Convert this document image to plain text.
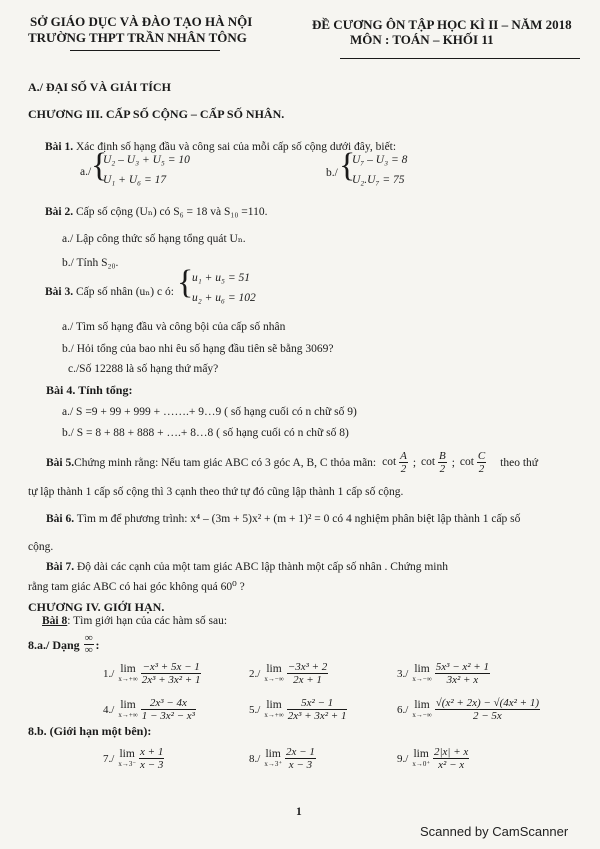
SỞ GIÁO DỤC VÀ ĐÀO TẠO HÀ NỘI
TRƯỜNG THPT TRẦN NHÂN TÔNG
ĐỀ CƯƠNG ÔN TẬP HỌC KÌ II – NĂM 2018
MÔN : TOÁN – KHỐI 11
A./ ĐẠI SỐ VÀ GIẢI TÍCH
CHƯƠNG III. CẤP SỐ CỘNG – CẤP SỐ NHÂN.
Bài 1. Xác định số hạng đầu và công sai của mỗi cấp số cộng dưới đây, biết:
a./ {
U₂ – U₃ + U₅ = 10
U₁ + U₆ = 17
b./ {
U₇ – U₃ = 8
U₂.U₇ = 75
Bài 2. Cấp số cộng (Uₙ) có S₆ = 18 và S₁₀ =110.
a./ Lập công thức số hạng tổng quát Uₙ.
b./ Tính S₂₀.
Bài 3. Cấp số nhân (uₙ) c ó: {
u₁ + u₅ = 51
u₂ + u₆ = 102
a./ Tìm số hạng đầu và công bội của cấp số nhân
b./ Hỏi tổng của bao nhi êu số hạng đầu tiên sẽ bằng 3069?
c./Số 12288 là số hạng thứ mấy?
Bài 4. Tính tổng:
a./ S =9 + 99 + 999 + …….+ 9…9 ( số hạng cuối có n chữ số 9)
b./ S = 8 + 88 + 888 + ….+ 8…8 ( số hạng cuối có n chữ số 8)
Bài 5. Chứng minh rằng: Nếu tam giác ABC có 3 góc A, B, C thỏa mãn: $\cot \frac{A}{2}$ ; $\cot \frac{B}{2}$ ; $\cot \frac{C}{2}$ theo thứ
tự lập thành 1 cấp số cộng thì 3 cạnh theo thứ tự đó cũng lập thành 1 cấp số cộng.
Bài 6. Tìm m để phương trình: x⁴ – (3m + 5)x² + (m + 1)² = 0 có 4 nghiệm phân biệt lập thành 1 cấp số
cộng.
Bài 7. Độ dài các cạnh của một tam giác ABC lập thành một cấp số nhân . Chứng minh
rằng tam giác ABC có hai góc không quá 60⁰ ?
CHƯƠNG IV. GIỚI HẠN.
Bài 8: Tìm giới hạn của các hàm số sau:
8.a./ Dạng $\frac{\infty}{\infty}$ :
1./ lim
$x\to+\infty \frac{\text{−x³ + 5x − 1}}{\text{2x³ + 3x² + 1}}$	2./ lim
$x\to-\infty \frac{\text{−3x³ + 2}}{2x + 1}$	3./ lim
$x\to-\infty \frac{\text{5x³ − x² + 1}}{\text{3x² + x}}$
4./ lim
$x\to+\infty \frac{\text{2x³ − 4x}}{\text{1 − 3x² − x³}}$	5./ lim
$x\to+\infty \frac{\text{5x² − 1}}{\text{2x³ + 3x² + 1}}$	6./ lim
$x\to-\infty \frac{\text{√(x² + 2x) − √(4x² + 1)}}{2 - 5x}$
8.b. (Giới hạn một bên):
7./ lim
$x\to 3^- \frac{x + 1}{x - 3}$	8./ lim
$x\to 3^+ \frac{2x - 1}{x - 3}$	9./ lim
$x\to 0^+ \frac{2|x| + x}{\text{x² − x}}$
1
Scanned by CamScanner
